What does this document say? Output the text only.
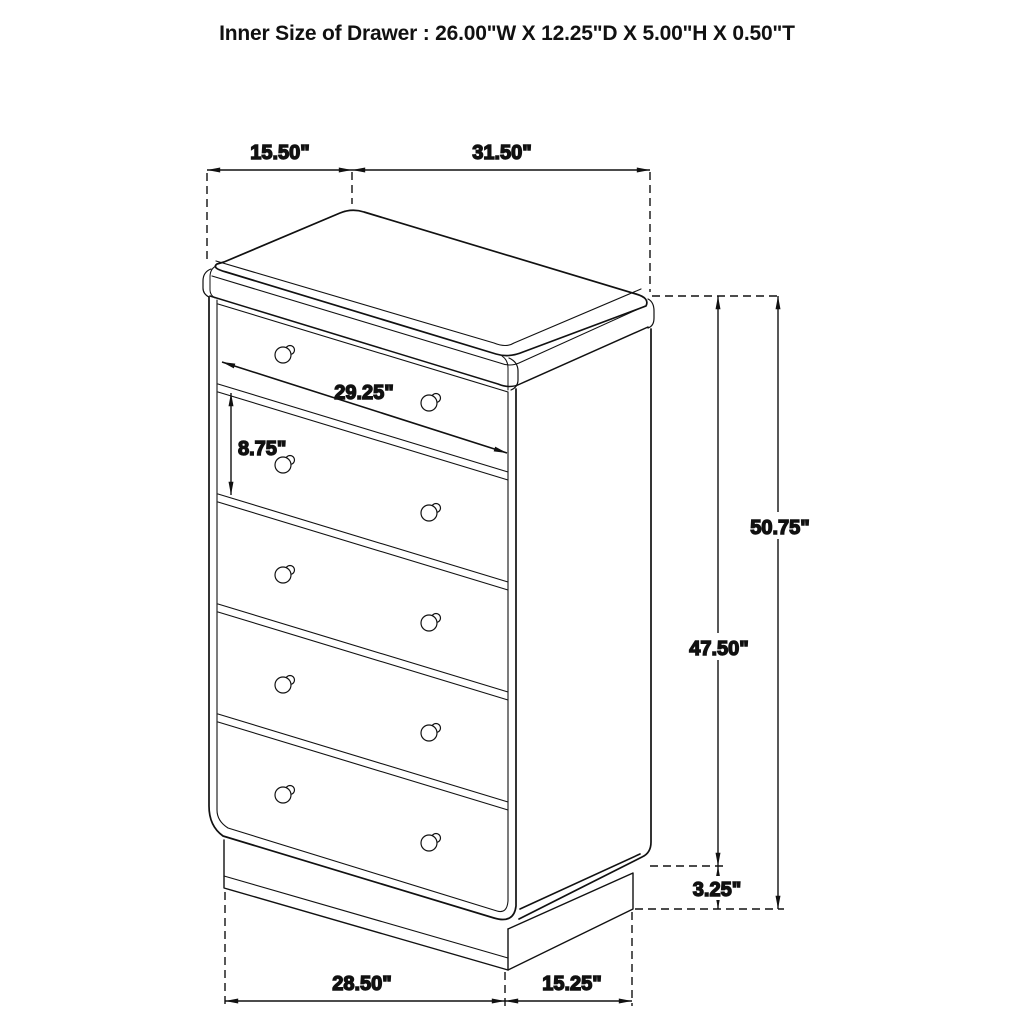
Inner Size of Drawer : 26.00"W X 12.25"D X 5.00"H X 0.50"T
15.50"	31.50"
29.25"
8.75"
50.75"
47.50"
3.25"
28.50"	15.25"
